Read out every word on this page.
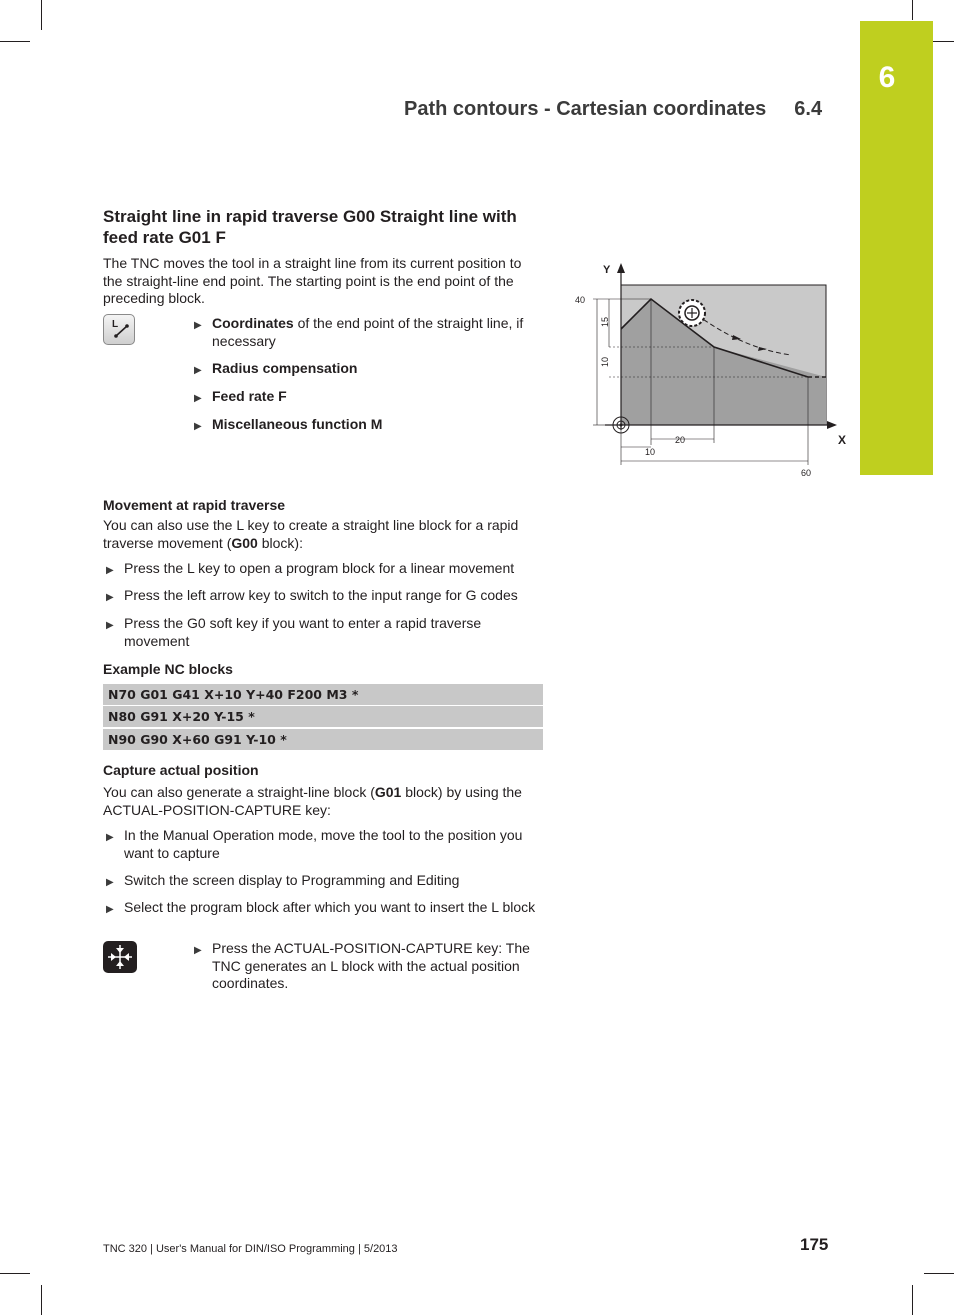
6
Path contours - Cartesian coordinates 6.4
Straight line in rapid traverse G00 Straight line with feed rate G01 F
The TNC moves the tool in a straight line from its current position to the straight-line end point. The starting point is the end point of the preceding block.
L	▶ Coordinates of the end point of the straight line, if necessary
▶ Radius compensation
▶ Feed rate F
▶ Miscellaneous function M
Y
X
40
15
10
20
10
60
Movement at rapid traverse
You can also use the L key to create a straight line block for a rapid traverse movement (G00 block):
▶ Press the L key to open a program block for a linear movement
▶ Press the left arrow key to switch to the input range for G codes
▶ Press the G0 soft key if you want to enter a rapid traverse movement
Example NC blocks
N70 G01 G41 X+10 Y+40 F200 M3 *
N80 G91 X+20 Y-15 *
N90 G90 X+60 G91 Y-10 *
Capture actual position
You can also generate a straight-line block (G01 block) by using the ACTUAL-POSITION-CAPTURE key:
▶ In the Manual Operation mode, move the tool to the position you want to capture
▶ Switch the screen display to Programming and Editing
▶ Select the program block after which you want to insert the L block
▶ Press the ACTUAL-POSITION-CAPTURE key: The TNC generates an L block with the actual position coordinates.
TNC 320 | User's Manual for DIN/ISO Programming | 5/2013	175
